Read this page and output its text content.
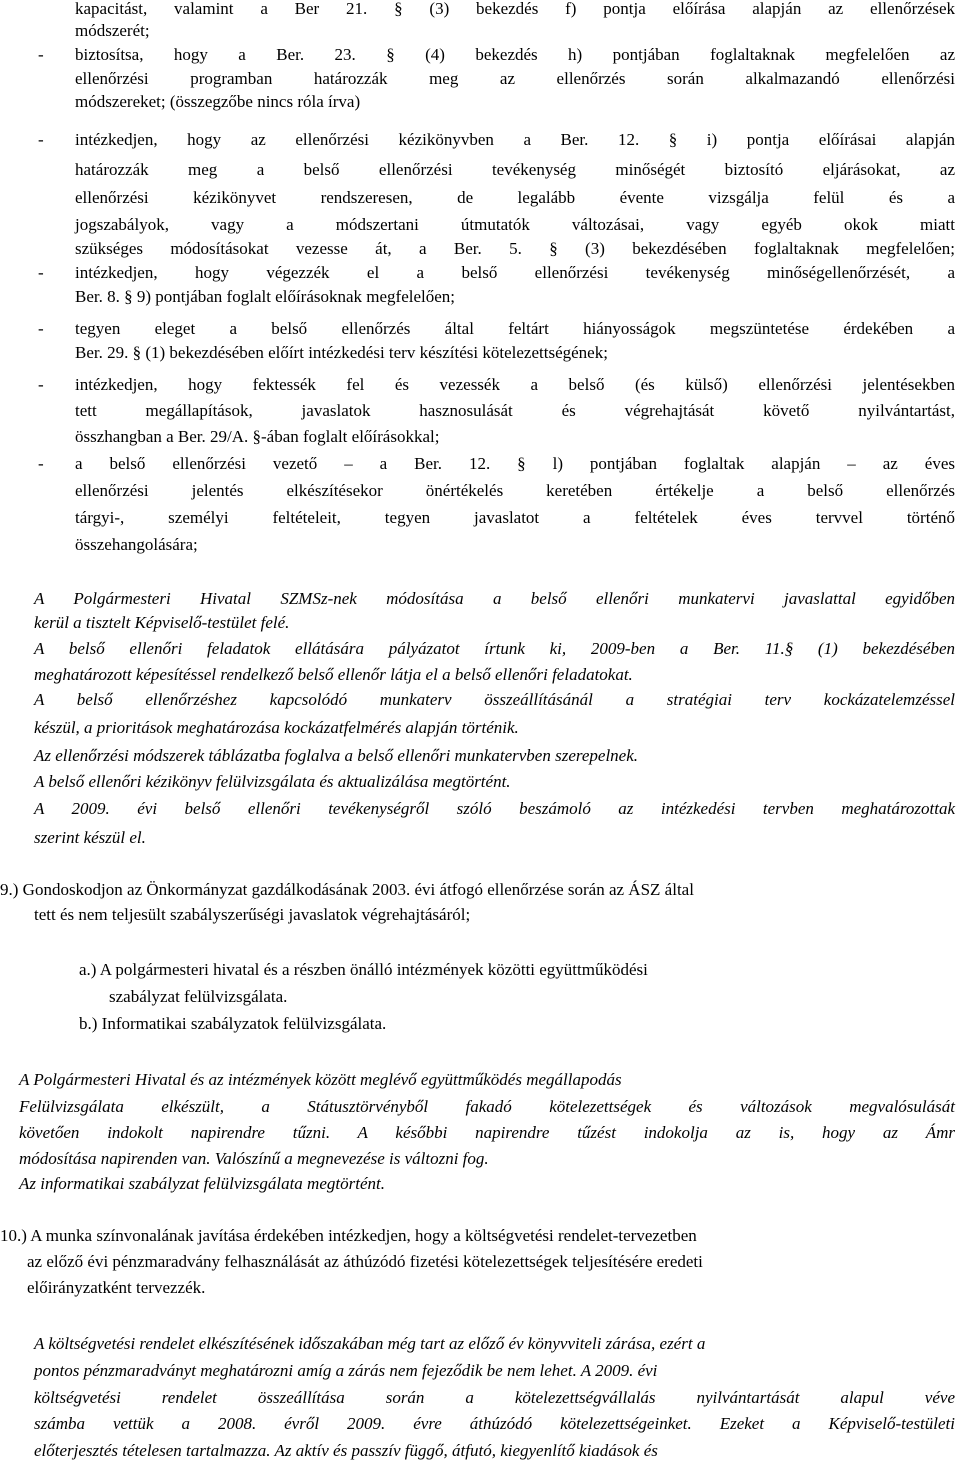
kapacitást, valamint a Ber 21. § (3) bekezdés f) pontja előírása alapján az ellenőrzések
módszerét;
- biztosítsa, hogy a Ber. 23. § (4) bekezdés h) pontjában foglaltaknak megfelelően az
ellenőrzési programban határozzák meg az ellenőrzés során alkalmazandó ellenőrzési
módszereket; (összegzőbe nincs róla írva)
- intézkedjen, hogy az ellenőrzési kézikönyvben a Ber. 12. § i) pontja előírásai alapján
határozzák meg a belső ellenőrzési tevékenység minőségét biztosító eljárásokat, az
ellenőrzési kézikönyvet rendszeresen, de legalább évente vizsgálja felül és a
jogszabályok, vagy a módszertani útmutatók változásai, vagy egyéb okok miatt
szükséges módosításokat vezesse át, a Ber. 5. § (3) bekezdésében foglaltaknak megfelelően;
- intézkedjen, hogy végezzék el a belső ellenőrzési tevékenység minőségellenőrzését, a
Ber. 8. § 9) pontjában foglalt előírásoknak megfelelően;
- tegyen eleget a belső ellenőrzés által feltárt hiányosságok megszüntetése érdekében a
Ber. 29. § (1) bekezdésében előírt intézkedési terv készítési kötelezettségének;
- intézkedjen, hogy fektessék fel és vezessék a belső (és külső) ellenőrzési jelentésekben
tett megállapítások, javaslatok hasznosulását és végrehajtását követő nyilvántartást,
összhangban a Ber. 29/A. §-ában foglalt előírásokkal;
- a belső ellenőrzési vezető – a Ber. 12. § l) pontjában foglaltak alapján – az éves
ellenőrzési jelentés elkészítésekor önértékelés keretében értékelje a belső ellenőrzés
tárgyi-, személyi feltételeit, tegyen javaslatot a feltételek éves tervvel történő
összehangolására;
A Polgármesteri Hivatal SZMSz-nek módosítása a belső ellenőri munkatervi javaslattal egyidőben
kerül a tisztelt Képviselő-testület felé.
A belső ellenőri feladatok ellátására pályázatot írtunk ki, 2009-ben a Ber. 11.§ (1) bekezdésében
meghatározott képesítéssel rendelkező belső ellenőr látja el a belső ellenőri feladatokat.
A belső ellenőrzéshez kapcsolódó munkaterv összeállításánál a stratégiai terv kockázatelemzéssel
készül, a prioritások meghatározása kockázatfelmérés alapján történik.
Az ellenőrzési módszerek táblázatba foglalva a belső ellenőri munkatervben szerepelnek.
A belső ellenőri kézikönyv felülvizsgálata és aktualizálása megtörtént.
A 2009. évi belső ellenőri tevékenységről szóló beszámoló az intézkedési tervben meghatározottak
szerint készül el.
9.) Gondoskodjon az Önkormányzat gazdálkodásának 2003. évi átfogó ellenőrzése során az ÁSZ által
tett és nem teljesült szabályszerűségi javaslatok végrehajtásáról;
a.) A polgármesteri hivatal és a részben önálló intézmények közötti együttműködési
szabályzat felülvizsgálata.
b.) Informatikai szabályzatok felülvizsgálata.
A Polgármesteri Hivatal és az intézmények között meglévő együttműködés megállapodás
Felülvizsgálata elkészült, a Státusztörvényből fakadó kötelezettségek és változások megvalósulását
követően indokolt napirendre tűzni. A későbbi napirendre tűzést indokolja az is, hogy az Ámr
módosítása napirenden van. Valószínű a megnevezése is változni fog.
Az informatikai szabályzat felülvizsgálata megtörtént.
10.) A munka színvonalának javítása érdekében intézkedjen, hogy a költségvetési rendelet-tervezetben
az előző évi pénzmaradvány felhasználását az áthúzódó fizetési kötelezettségek teljesítésére eredeti
előirányzatként tervezzék.
A költségvetési rendelet elkészítésének időszakában még tart az előző év könyvviteli zárása, ezért a
pontos pénzmaradványt meghatározni amíg a zárás nem fejeződik be nem lehet. A 2009. évi
költségvetési rendelet összeállítása során a kötelezettségvállalás nyilvántartását alapul véve
számba vettük a 2008. évről 2009. évre áthúzódó kötelezettségeinket. Ezeket a Képviselő-testületi
előterjesztés tételesen tartalmazza. Az aktív és passzív függő, átfutó, kiegyenlítő kiadások és
